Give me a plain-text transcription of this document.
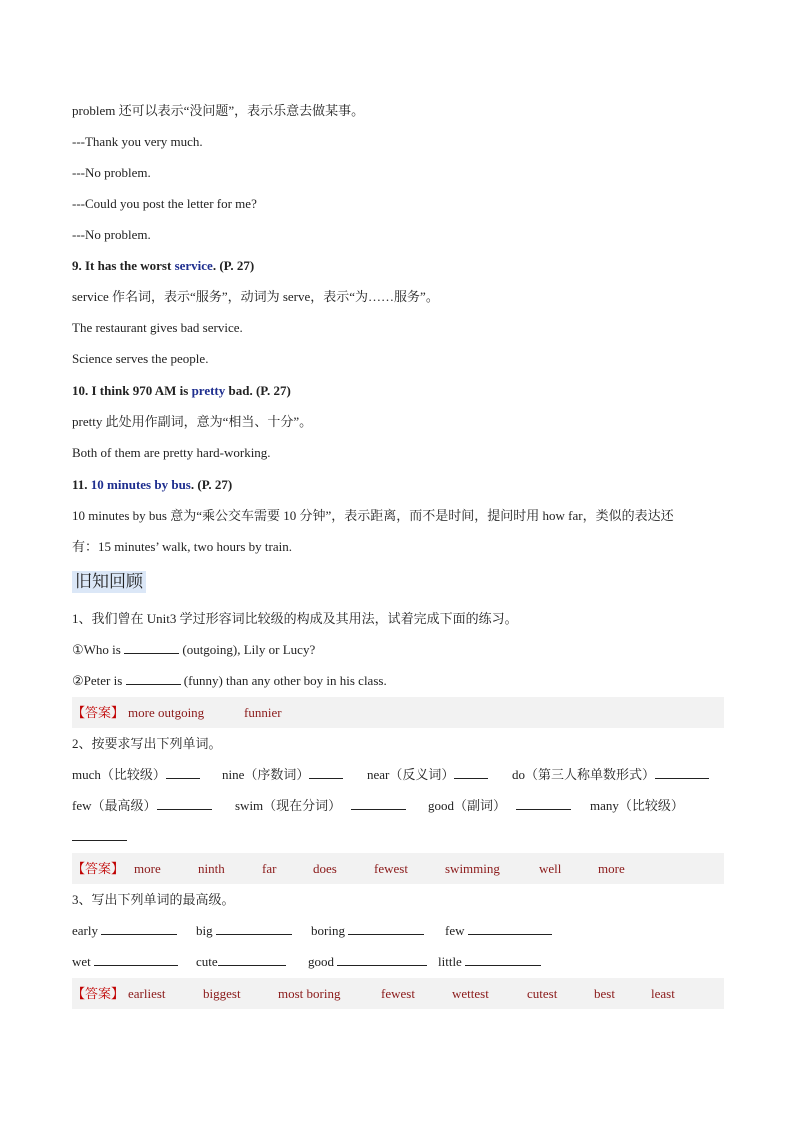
problem 还可以表示“没问题”，表示乐意去做某事。
---Thank you very much.
---No problem.
---Could you post the letter for me?
---No problem.
9. It has the worst service. (P. 27)
service 作名词，表示“服务”，动词为 serve，表示“为……服务”。
The restaurant gives bad service.
Science serves the people.
10. I think 970 AM is pretty bad. (P. 27)
pretty 此处用作副词，意为“相当、十分”。
Both of them are pretty hard-working.
11. 10 minutes by bus. (P. 27)
10 minutes by bus 意为“乘公交车需要 10 分钟”，表示距离，而不是时间，提问时用 how far，类似的表达还
有：15 minutes’ walk, two hours by train.
旧知回顾
1、我们曾在 Unit3 学过形容词比较级的构成及其用法，试着完成下面的练习。
①Who is	(outgoing), Lily or Lucy?
②Peter is	(funny) than any other boy in his class.
【答案】 more outgoing	funnier
2、按要求写出下列单词。
much（比较级）	nine（序数词）	near（反义词）	do（第三人称单数形式）
few（最高级）	swim（现在分词）	good（副词）	many（比较级）
【答案】 more	ninth	far	does	fewest	swimming	well	more
3、写出下列单词的最高级。
early	big	boring	few
wet	cute	good	little
【答案】 earliest	biggest	most boring	fewest	wettest	cutest	best	least
